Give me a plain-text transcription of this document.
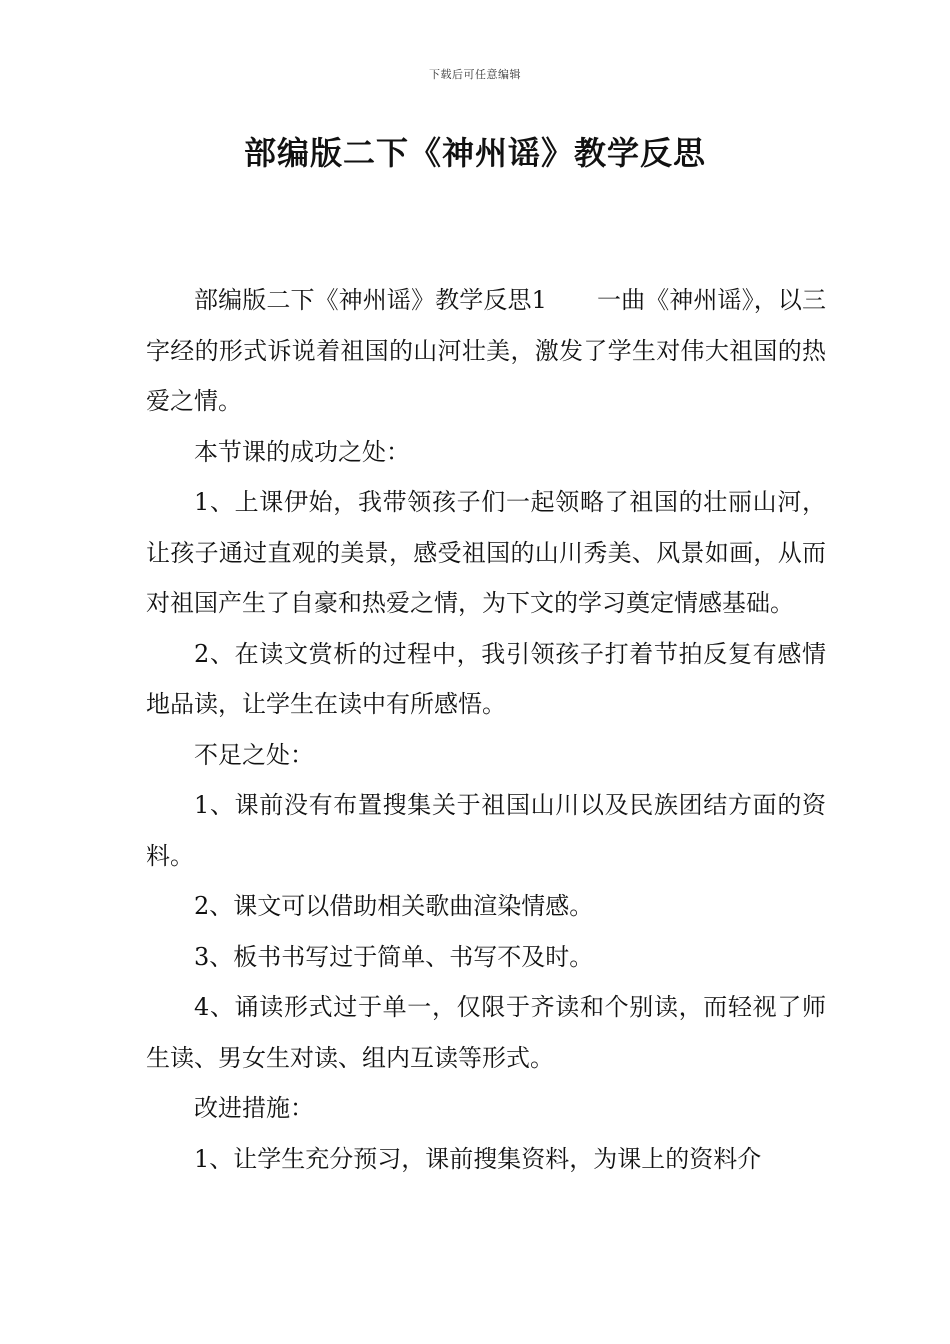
下载后可任意编辑
部编版二下《神州谣》教学反思

部编版二下《神州谣》教学反思1 一曲《神州谣》，以三字经的形式诉说着祖国的山河壮美，激发了学生对伟大祖国的热爱之情。

本节课的成功之处：

1、上课伊始，我带领孩子们一起领略了祖国的壮丽山河，让孩子通过直观的美景，感受祖国的山川秀美、风景如画，从而对祖国产生了自豪和热爱之情，为下文的学习奠定情感基础。

2、在读文赏析的过程中，我引领孩子打着节拍反复有感情地品读，让学生在读中有所感悟。

不足之处：

1、课前没有布置搜集关于祖国山川以及民族团结方面的资料。

2、课文可以借助相关歌曲渲染情感。

3、板书书写过于简单、书写不及时。

4、诵读形式过于单一，仅限于齐读和个别读，而轻视了师生读、男女生对读、组内互读等形式。

改进措施：

1、让学生充分预习，课前搜集资料，为课上的资料介
